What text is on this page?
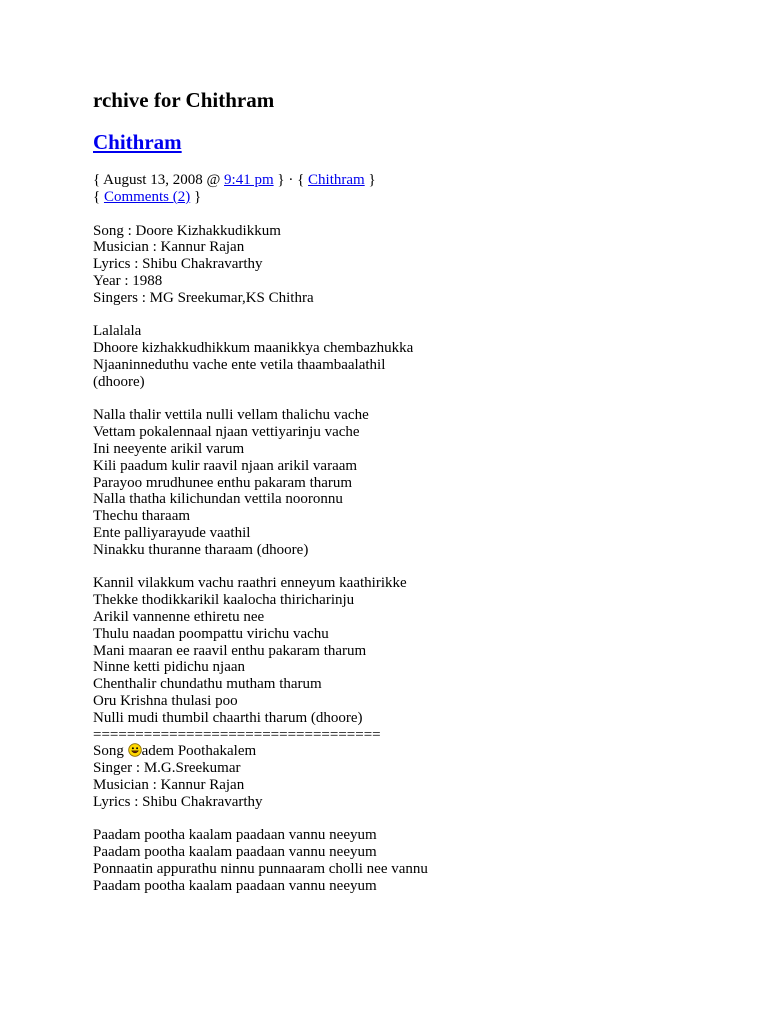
rchive for Chithram
Chithram
{ August 13, 2008 @ 9:41 pm } · { Chithram }
{ Comments (2) }
Song : Doore Kizhakkudikkum
Musician : Kannur Rajan
Lyrics : Shibu Chakravarthy
Year : 1988
Singers : MG Sreekumar,KS Chithra
Lalalala
Dhoore kizhakkudhikkum maanikkya chembazhukka
Njaaninneduthu vache ente vetila thaambaalathil
(dhoore)
Nalla thalir vettila nulli vellam thalichu vache
Vettam pokalennaal njaan vettiyarinju vache
Ini neeyente arikil varum
Kili paadum kulir raavil njaan arikil varaam
Parayoo mrudhunee enthu pakaram tharum
Nalla thatha kilichundan vettila nooronnu
Thechu tharaam
Ente palliyarayude vaathil
Ninakku thuranne tharaam (dhoore)
Kannil vilakkum vachu raathri enneyum kaathirikke
Thekke thodikkarikil kaalocha thiricharinju
Arikil vannenne ethiretu nee
Thulu naadan poompattu virichu vachu
Mani maaran ee raavil enthu pakaram tharum
Ninne ketti pidichu njaan
Chenthalir chundathu mutham tharum
Oru Krishna thulasi poo
Nulli mudi thumbil chaarthi tharum (dhoore)
==================================
Song adem Poothakalem
Singer : M.G.Sreekumar
Musician : Kannur Rajan
Lyrics : Shibu Chakravarthy
Paadam pootha kaalam paadaan vannu neeyum
Paadam pootha kaalam paadaan vannu neeyum
Ponnaatin appurathu ninnu punnaaram cholli nee vannu
Paadam pootha kaalam paadaan vannu neeyum
